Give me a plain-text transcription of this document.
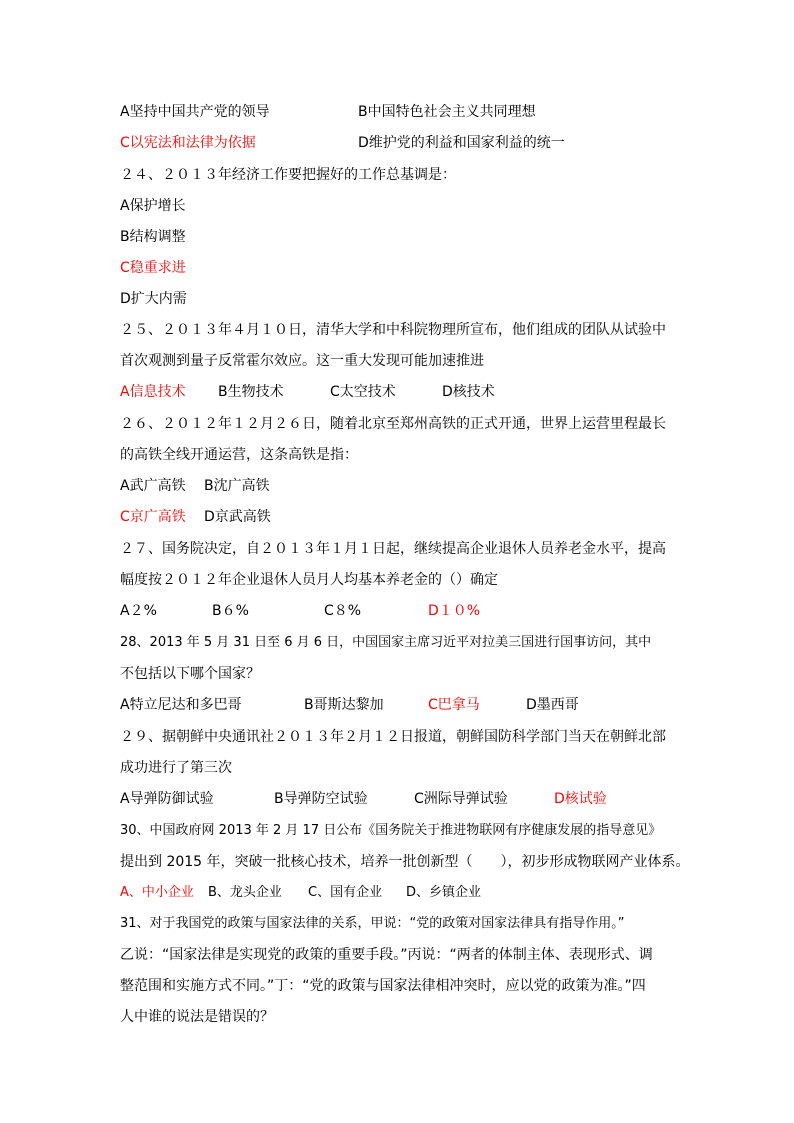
A坚持中国共产党的领导	B中国特色社会主义共同理想
C以宪法和法律为依据	D维护党的利益和国家利益的统一
２４、２０１３年经济工作要把握好的工作总基调是：
A保护增长
B结构调整
C稳重求进
D扩大内需
２５、２０１３年４月１０日，清华大学和中科院物理所宣布，他们组成的团队从试验中
首次观测到量子反常霍尔效应。这一重大发现可能加速推进
A信息技术 B生物技术	C太空技术	D核技术
２６、２０１２年１２月２６日，随着北京至郑州高铁的正式开通，世界上运营里程最长
的高铁全线开通运营，这条高铁是指：
A武广高铁 B沈广高铁
C京广高铁 D京武高铁
２７、国务院决定，自２０１３年１月１日起，继续提高企业退休人员养老金水平，提高
幅度按２０１２年企业退休人员月人均基本养老金的（）确定
A２%	B６%	C８%	D１０%
28、2013 年 5 月 31 日至 6 月 6 日，中国国家主席习近平对拉美三国进行国事访问，其中
不包括以下哪个国家？
A特立尼达和多巴哥	B哥斯达黎加	C巴拿马	D墨西哥
２９、据朝鲜中央通讯社２０１３年２月１２日报道，朝鲜国防科学部门当天在朝鲜北部
成功进行了第三次
A导弹防御试验	B导弹防空试验	C洲际导弹试验	D核试验
30、中国政府网 2013 年 2 月 17 日公布《国务院关于推进物联网有序健康发展的指导意见》
提出到 2015 年，突破一批核心技术，培养一批创新型（　　），初步形成物联网产业体系。
A、中小企业 B、龙头企业 C、国有企业 D、乡镇企业
31、对于我国党的政策与国家法律的关系，甲说：“党的政策对国家法律具有指导作用。”
乙说：“国家法律是实现党的政策的重要手段。”丙说：“两者的体制主体、表现形式、调
整范围和实施方式不同。”丁：“党的政策与国家法律相冲突时，应以党的政策为准。”四
人中谁的说法是错误的？
